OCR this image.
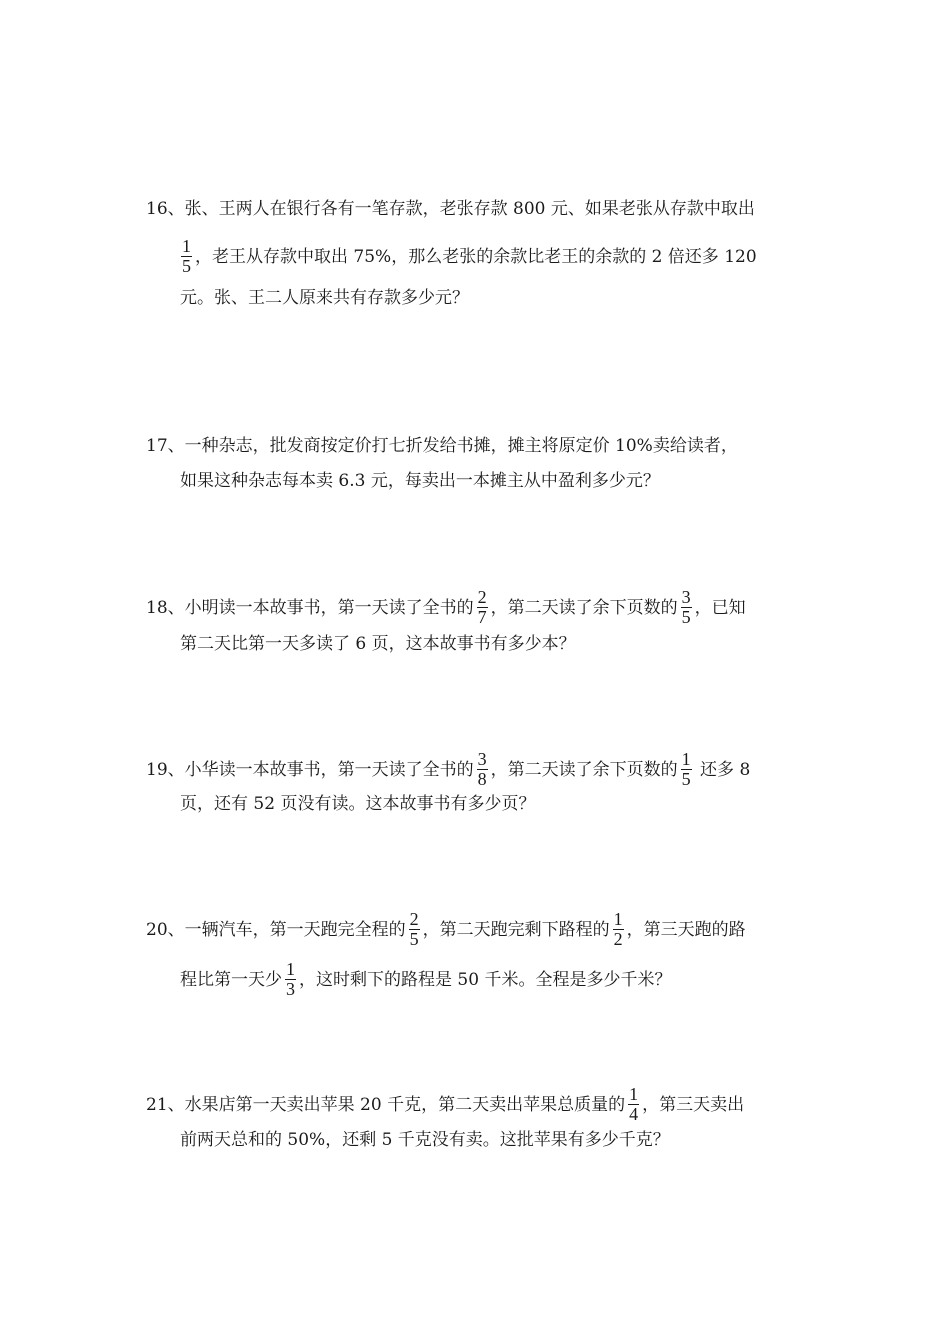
16、张、王两人在银行各有一笔存款，老张存款 800 元、如果老张从存款中取出
$\frac{1}{5}$ ，老王从存款中取出 75%，那么老张的余款比老王的余款的 2 倍还多 120
元。张、王二人原来共有存款多少元？
17、一种杂志，批发商按定价打七折发给书摊，摊主将原定价 10%卖给读者，
如果这种杂志每本卖 6.3 元，每卖出一本摊主从中盈利多少元？
18、小明读一本故事书，第一天读了全书的 $\frac{2}{7}$ ，第二天读了余下页数的 $\frac{3}{5}$ ，已知
第二天比第一天多读了 6 页，这本故事书有多少本？
19、小华读一本故事书，第一天读了全书的 $\frac{3}{8}$ ，第二天读了余下页数的 $\frac{1}{5}$ 还多 8
页，还有 52 页没有读。这本故事书有多少页？
20、一辆汽车，第一天跑完全程的 $\frac{2}{5}$ ，第二天跑完剩下路程的 $\frac{1}{2}$ ，第三天跑的路
程比第一天少 $\frac{1}{3}$ ，这时剩下的路程是 50 千米。全程是多少千米？
21、水果店第一天卖出苹果 20 千克，第二天卖出苹果总质量的 $\frac{1}{4}$ ，第三天卖出
前两天总和的 50%，还剩 5 千克没有卖。这批苹果有多少千克？
